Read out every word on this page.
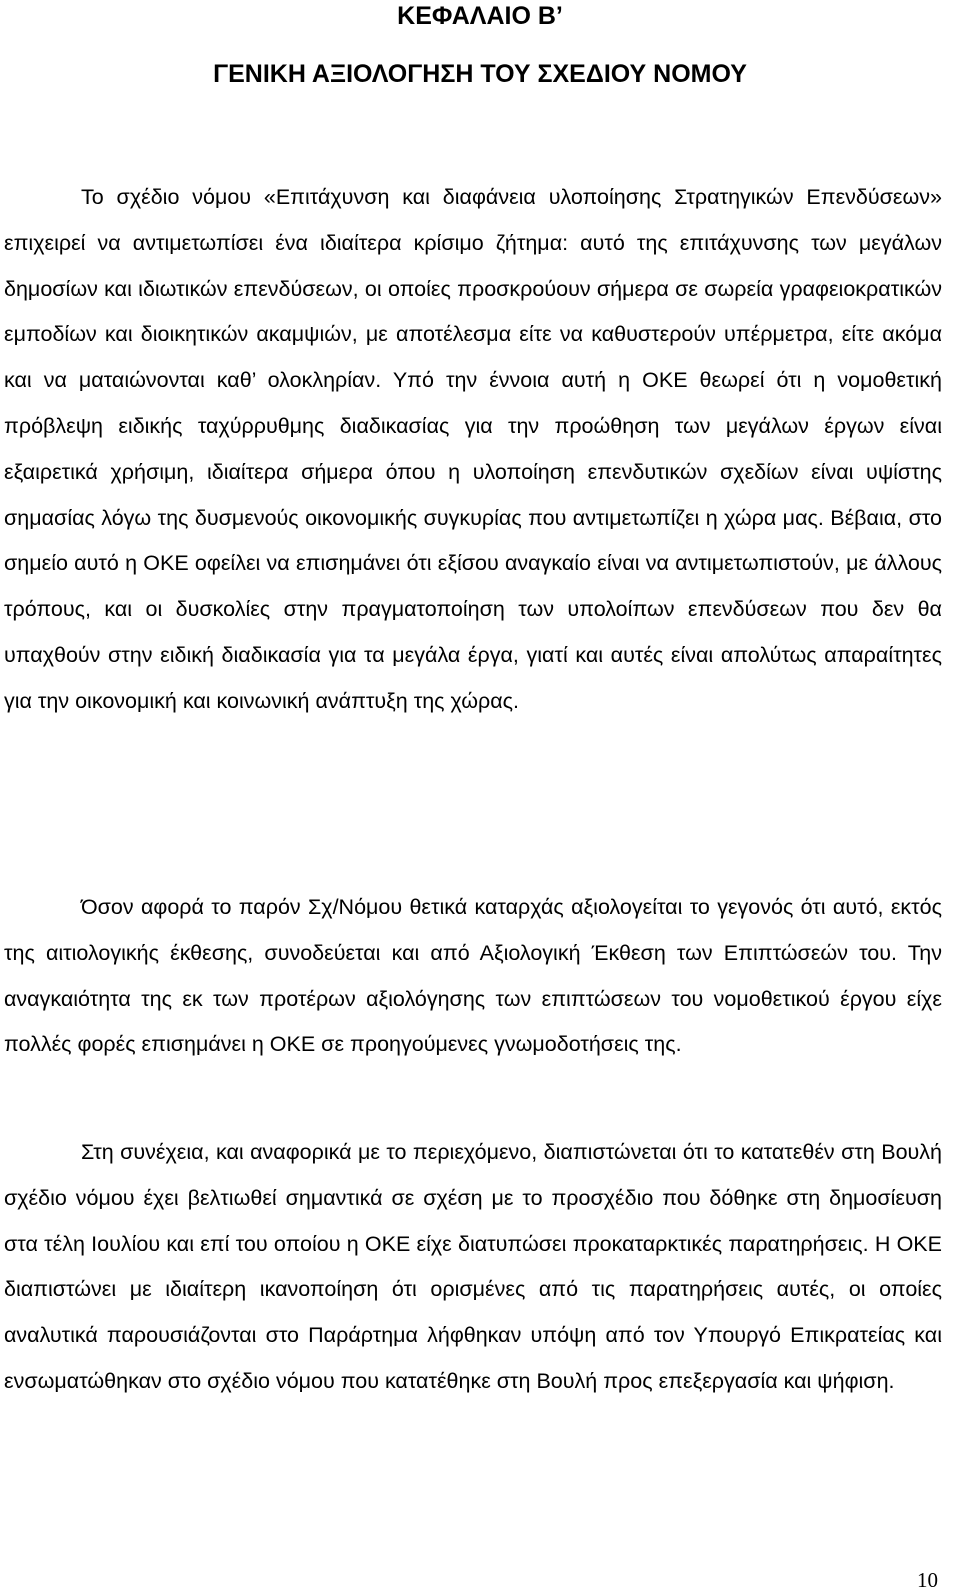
ΚΕΦΑΛΑΙΟ Β’
ΓΕΝΙΚΗ ΑΞΙΟΛΟΓΗΣΗ ΤΟΥ ΣΧΕΔΙΟΥ ΝΟΜΟΥ

Το σχέδιο νόμου «Επιτάχυνση και διαφάνεια υλοποίησης Στρατηγικών Επενδύσεων» επιχειρεί να αντιμετωπίσει ένα ιδιαίτερα κρίσιμο ζήτημα: αυτό της επιτάχυνσης των μεγάλων δημοσίων και ιδιωτικών επενδύσεων, οι οποίες προσκρούουν σήμερα σε σωρεία γραφειοκρατικών εμποδίων και διοικητικών ακαμψιών, με αποτέλεσμα είτε να καθυστερούν υπέρμετρα, είτε ακόμα και να ματαιώνονται καθ’ ολοκληρίαν. Υπό την έννοια αυτή η ΟΚΕ θεωρεί ότι η νομοθετική πρόβλεψη ειδικής ταχύρρυθμης διαδικασίας για την προώθηση των μεγάλων έργων είναι εξαιρετικά χρήσιμη, ιδιαίτερα σήμερα όπου η υλοποίηση επενδυτικών σχεδίων είναι υψίστης σημασίας λόγω της δυσμενούς οικονομικής συγκυρίας που αντιμετωπίζει η χώρα μας. Βέβαια, στο σημείο αυτό η ΟΚΕ οφείλει να επισημάνει ότι εξίσου αναγκαίο είναι να αντιμετωπιστούν, με άλλους τρόπους, και οι δυσκολίες στην πραγματοποίηση των υπολοίπων επενδύσεων που δεν θα υπαχθούν στην ειδική διαδικασία για τα μεγάλα έργα, γιατί και αυτές είναι απολύτως απαραίτητες για την οικονομική και κοινωνική ανάπτυξη της χώρας.

Όσον αφορά το παρόν Σχ/Νόμου θετικά καταρχάς αξιολογείται το γεγονός ότι αυτό, εκτός της αιτιολογικής έκθεσης, συνοδεύεται και από Αξιολογική Έκθεση των Επιπτώσεών του. Την αναγκαιότητα της εκ των προτέρων αξιολόγησης των επιπτώσεων του νομοθετικού έργου είχε πολλές φορές επισημάνει η ΟΚΕ σε προηγούμενες γνωμοδοτήσεις της.

Στη συνέχεια, και αναφορικά με το περιεχόμενο, διαπιστώνεται ότι το κατατεθέν στη Βουλή σχέδιο νόμου έχει βελτιωθεί σημαντικά σε σχέση με το προσχέδιο που δόθηκε στη δημοσίευση στα τέλη Ιουλίου και επί του οποίου η ΟΚΕ είχε διατυπώσει προκαταρκτικές παρατηρήσεις. Η ΟΚΕ διαπιστώνει με ιδιαίτερη ικανοποίηση ότι ορισμένες από τις παρατηρήσεις αυτές, οι οποίες αναλυτικά παρουσιάζονται στο Παράρτημα λήφθηκαν υπόψη από τον Υπουργό Επικρατείας και ενσωματώθηκαν στο σχέδιο νόμου που κατατέθηκε στη Βουλή προς επεξεργασία και ψήφιση.

10
